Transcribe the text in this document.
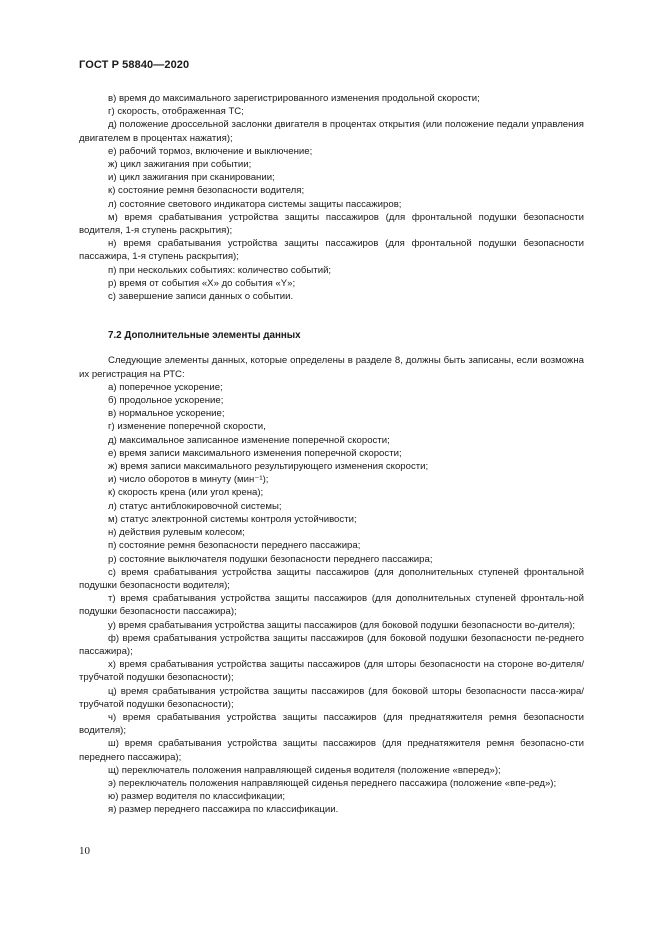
ГОСТ Р 58840—2020

в) время до максимального зарегистрированного изменения продольной скорости;

г) скорость, отображенная ТС;

д) положение дроссельной заслонки двигателя в процентах открытия (или положение педали управления двигателем в процентах нажатия);

е) рабочий тормоз, включение и выключение;

ж) цикл зажигания при событии;

и) цикл зажигания при сканировании;

к) состояние ремня безопасности водителя;

л) состояние светового индикатора системы защиты пассажиров;

м) время срабатывания устройства защиты пассажиров (для фронтальной подушки безопасности водителя, 1-я ступень раскрытия);

н) время срабатывания устройства защиты пассажиров (для фронтальной подушки безопасности пассажира, 1-я ступень раскрытия);

п) при нескольких событиях: количество событий;

р) время от события «X» до события «Y»;

с) завершение записи данных о событии.

7.2 Дополнительные элементы данных

Следующие элементы данных, которые определены в разделе 8, должны быть записаны, если возможна их регистрация на РТС:

а) поперечное ускорение;

б) продольное ускорение;

в) нормальное ускорение;

г) изменение поперечной скорости,

д) максимальное записанное изменение поперечной скорости;

е) время записи максимального изменения поперечной скорости;

ж) время записи максимального результирующего изменения скорости;

и) число оборотов в минуту (мин⁻¹);

к) скорость крена (или угол крена);

л) статус антиблокировочной системы;

м) статус электронной системы контроля устойчивости;

н) действия рулевым колесом;

п) состояние ремня безопасности переднего пассажира;

р) состояние выключателя подушки безопасности переднего пассажира;

с) время срабатывания устройства защиты пассажиров (для дополнительных ступеней фронтальной подушки безопасности водителя);

т) время срабатывания устройства защиты пассажиров (для дополнительных ступеней фронталь-ной подушки безопасности пассажира);

у) время срабатывания устройства защиты пассажиров (для боковой подушки безопасности во-дителя);

ф) время срабатывания устройства защиты пассажиров (для боковой подушки безопасности пе-реднего пассажира);

х) время срабатывания устройства защиты пассажиров (для шторы безопасности на стороне во-дителя/трубчатой подушки безопасности);

ц) время срабатывания устройства защиты пассажиров (для боковой шторы безопасности пасса-жира/трубчатой подушки безопасности);

ч) время срабатывания устройства защиты пассажиров (для преднатяжителя ремня безопасности водителя);

ш) время срабатывания устройства защиты пассажиров (для преднатяжителя ремня безопасно-сти переднего пассажира);

щ) переключатель положения направляющей сиденья водителя (положение «вперед»);

э) переключатель положения направляющей сиденья переднего пассажира (положение «впе-ред»);

ю) размер водителя по классификации;

я) размер переднего пассажира по классификации.

10
